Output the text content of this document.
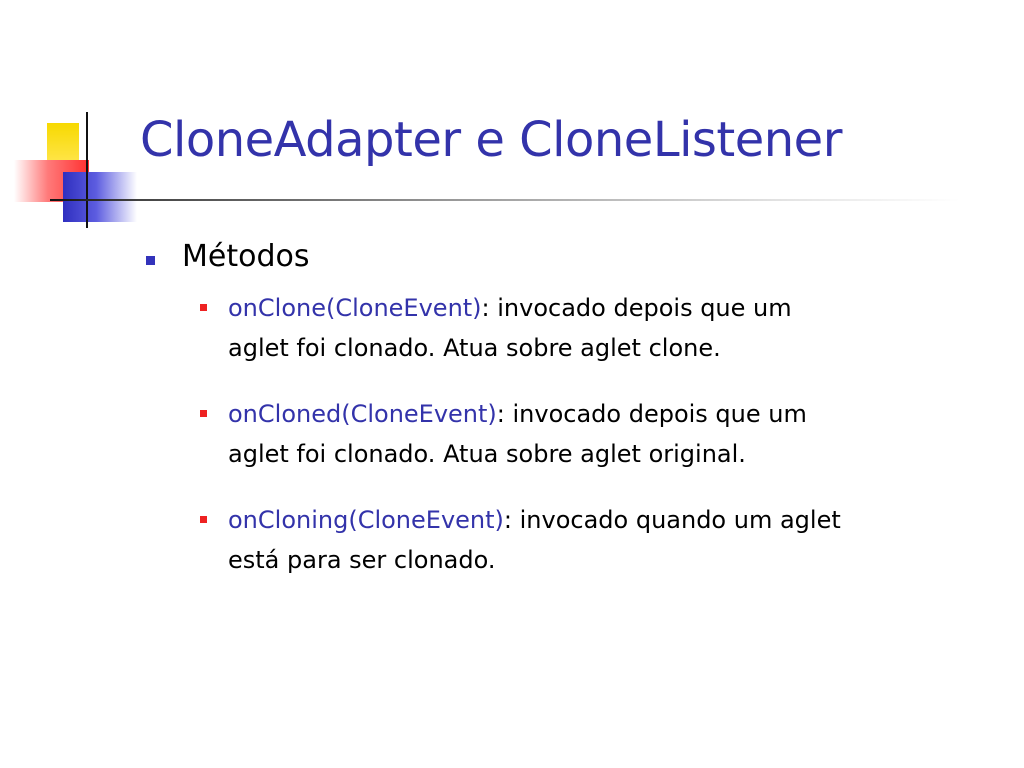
CloneAdapter e CloneListener
Métodos
onClone(CloneEvent): invocado depois que um
aglet foi clonado. Atua sobre aglet clone.
onCloned(CloneEvent): invocado depois que um
aglet foi clonado. Atua sobre aglet original.
onCloning(CloneEvent): invocado quando um aglet
está para ser clonado.
